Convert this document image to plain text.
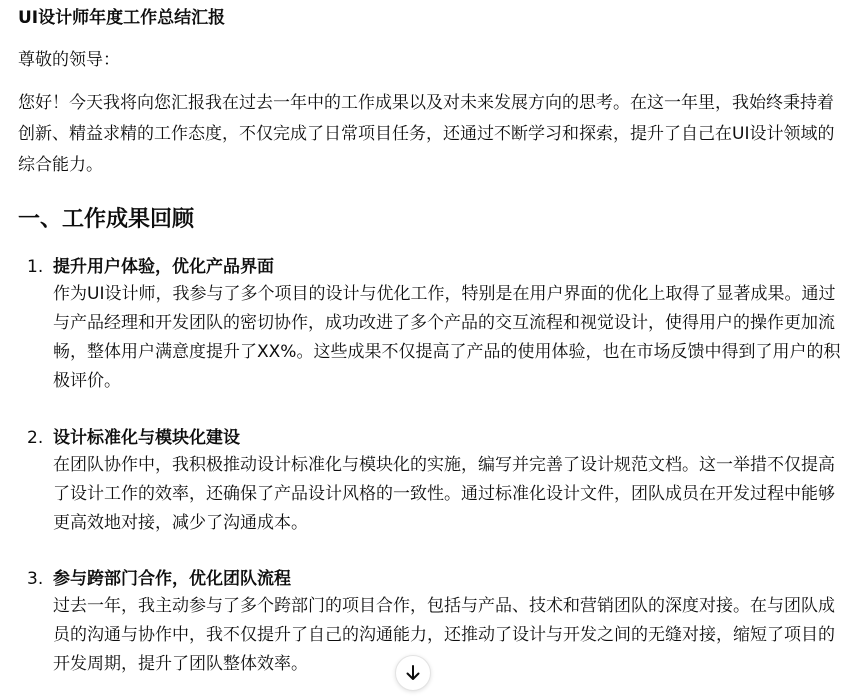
UI设计师年度工作总结汇报
尊敬的领导：

您好！今天我将向您汇报我在过去一年中的工作成果以及对未来发展方向的思考。在这一年里，我始终秉持着创新、精益求精的工作态度，不仅完成了日常项目任务，还通过不断学习和探索，提升了自己在UI设计领域的综合能力。

一、工作成果回顾
1. 提升用户体验，优化产品界面

作为UI设计师，我参与了多个项目的设计与优化工作，特别是在用户界面的优化上取得了显著成果。通过与产品经理和开发团队的密切协作，成功改进了多个产品的交互流程和视觉设计，使得用户的操作更加流畅，整体用户满意度提升了XX%。这些成果不仅提高了产品的使用体验，也在市场反馈中得到了用户的积极评价。

2. 设计标准化与模块化建设

在团队协作中，我积极推动设计标准化与模块化的实施，编写并完善了设计规范文档。这一举措不仅提高了设计工作的效率，还确保了产品设计风格的一致性。通过标准化设计文件，团队成员在开发过程中能够更高效地对接，减少了沟通成本。

3. 参与跨部门合作，优化团队流程

过去一年，我主动参与了多个跨部门的项目合作，包括与产品、技术和营销团队的深度对接。在与团队成员的沟通与协作中，我不仅提升了自己的沟通能力，还推动了设计与开发之间的无缝对接，缩短了项目的开发周期，提升了团队整体效率。
